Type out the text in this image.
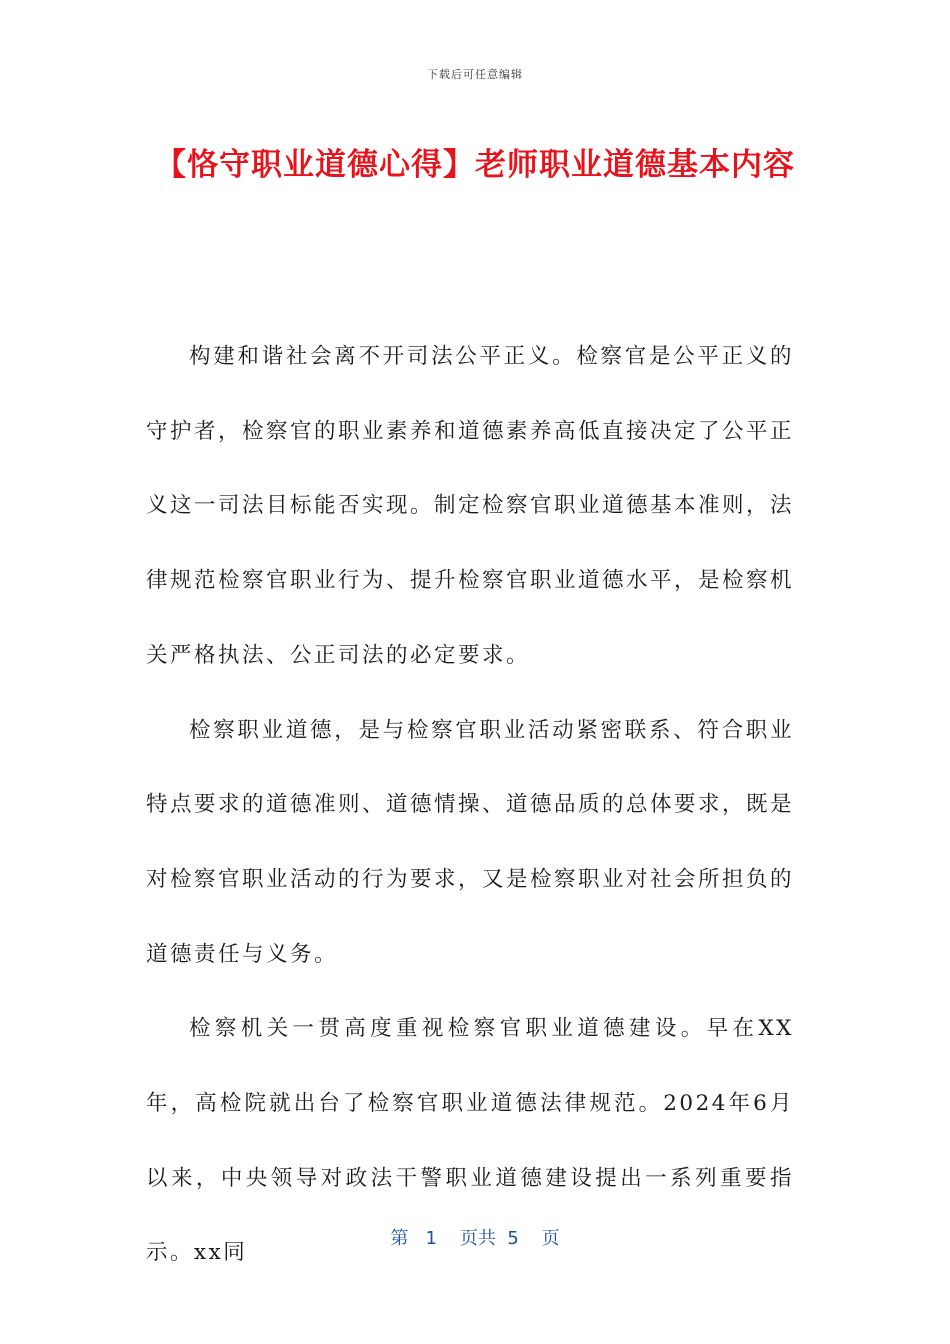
下载后可任意编辑
【恪守职业道德心得】老师职业道德基本内容

构建和谐社会离不开司法公平正义。检察官是公平正义的守护者，检察官的职业素养和道德素养高低直接决定了公平正义这一司法目标能否实现。制定检察官职业道德基本准则，法律规范检察官职业行为、提升检察官职业道德水平，是检察机关严格执法、公正司法的必定要求。

检察职业道德，是与检察官职业活动紧密联系、符合职业特点要求的道德准则、道德情操、道德品质的总体要求，既是对检察官职业活动的行为要求，又是检察职业对社会所担负的道德责任与义务。

检察机关一贯高度重视检察官职业道德建设。早在XX年，高检院就出台了检察官职业道德法律规范。2024年6月以来，中央领导对政法干警职业道德建设提出一系列重要指示。xx同

第 1 页共 5 页
